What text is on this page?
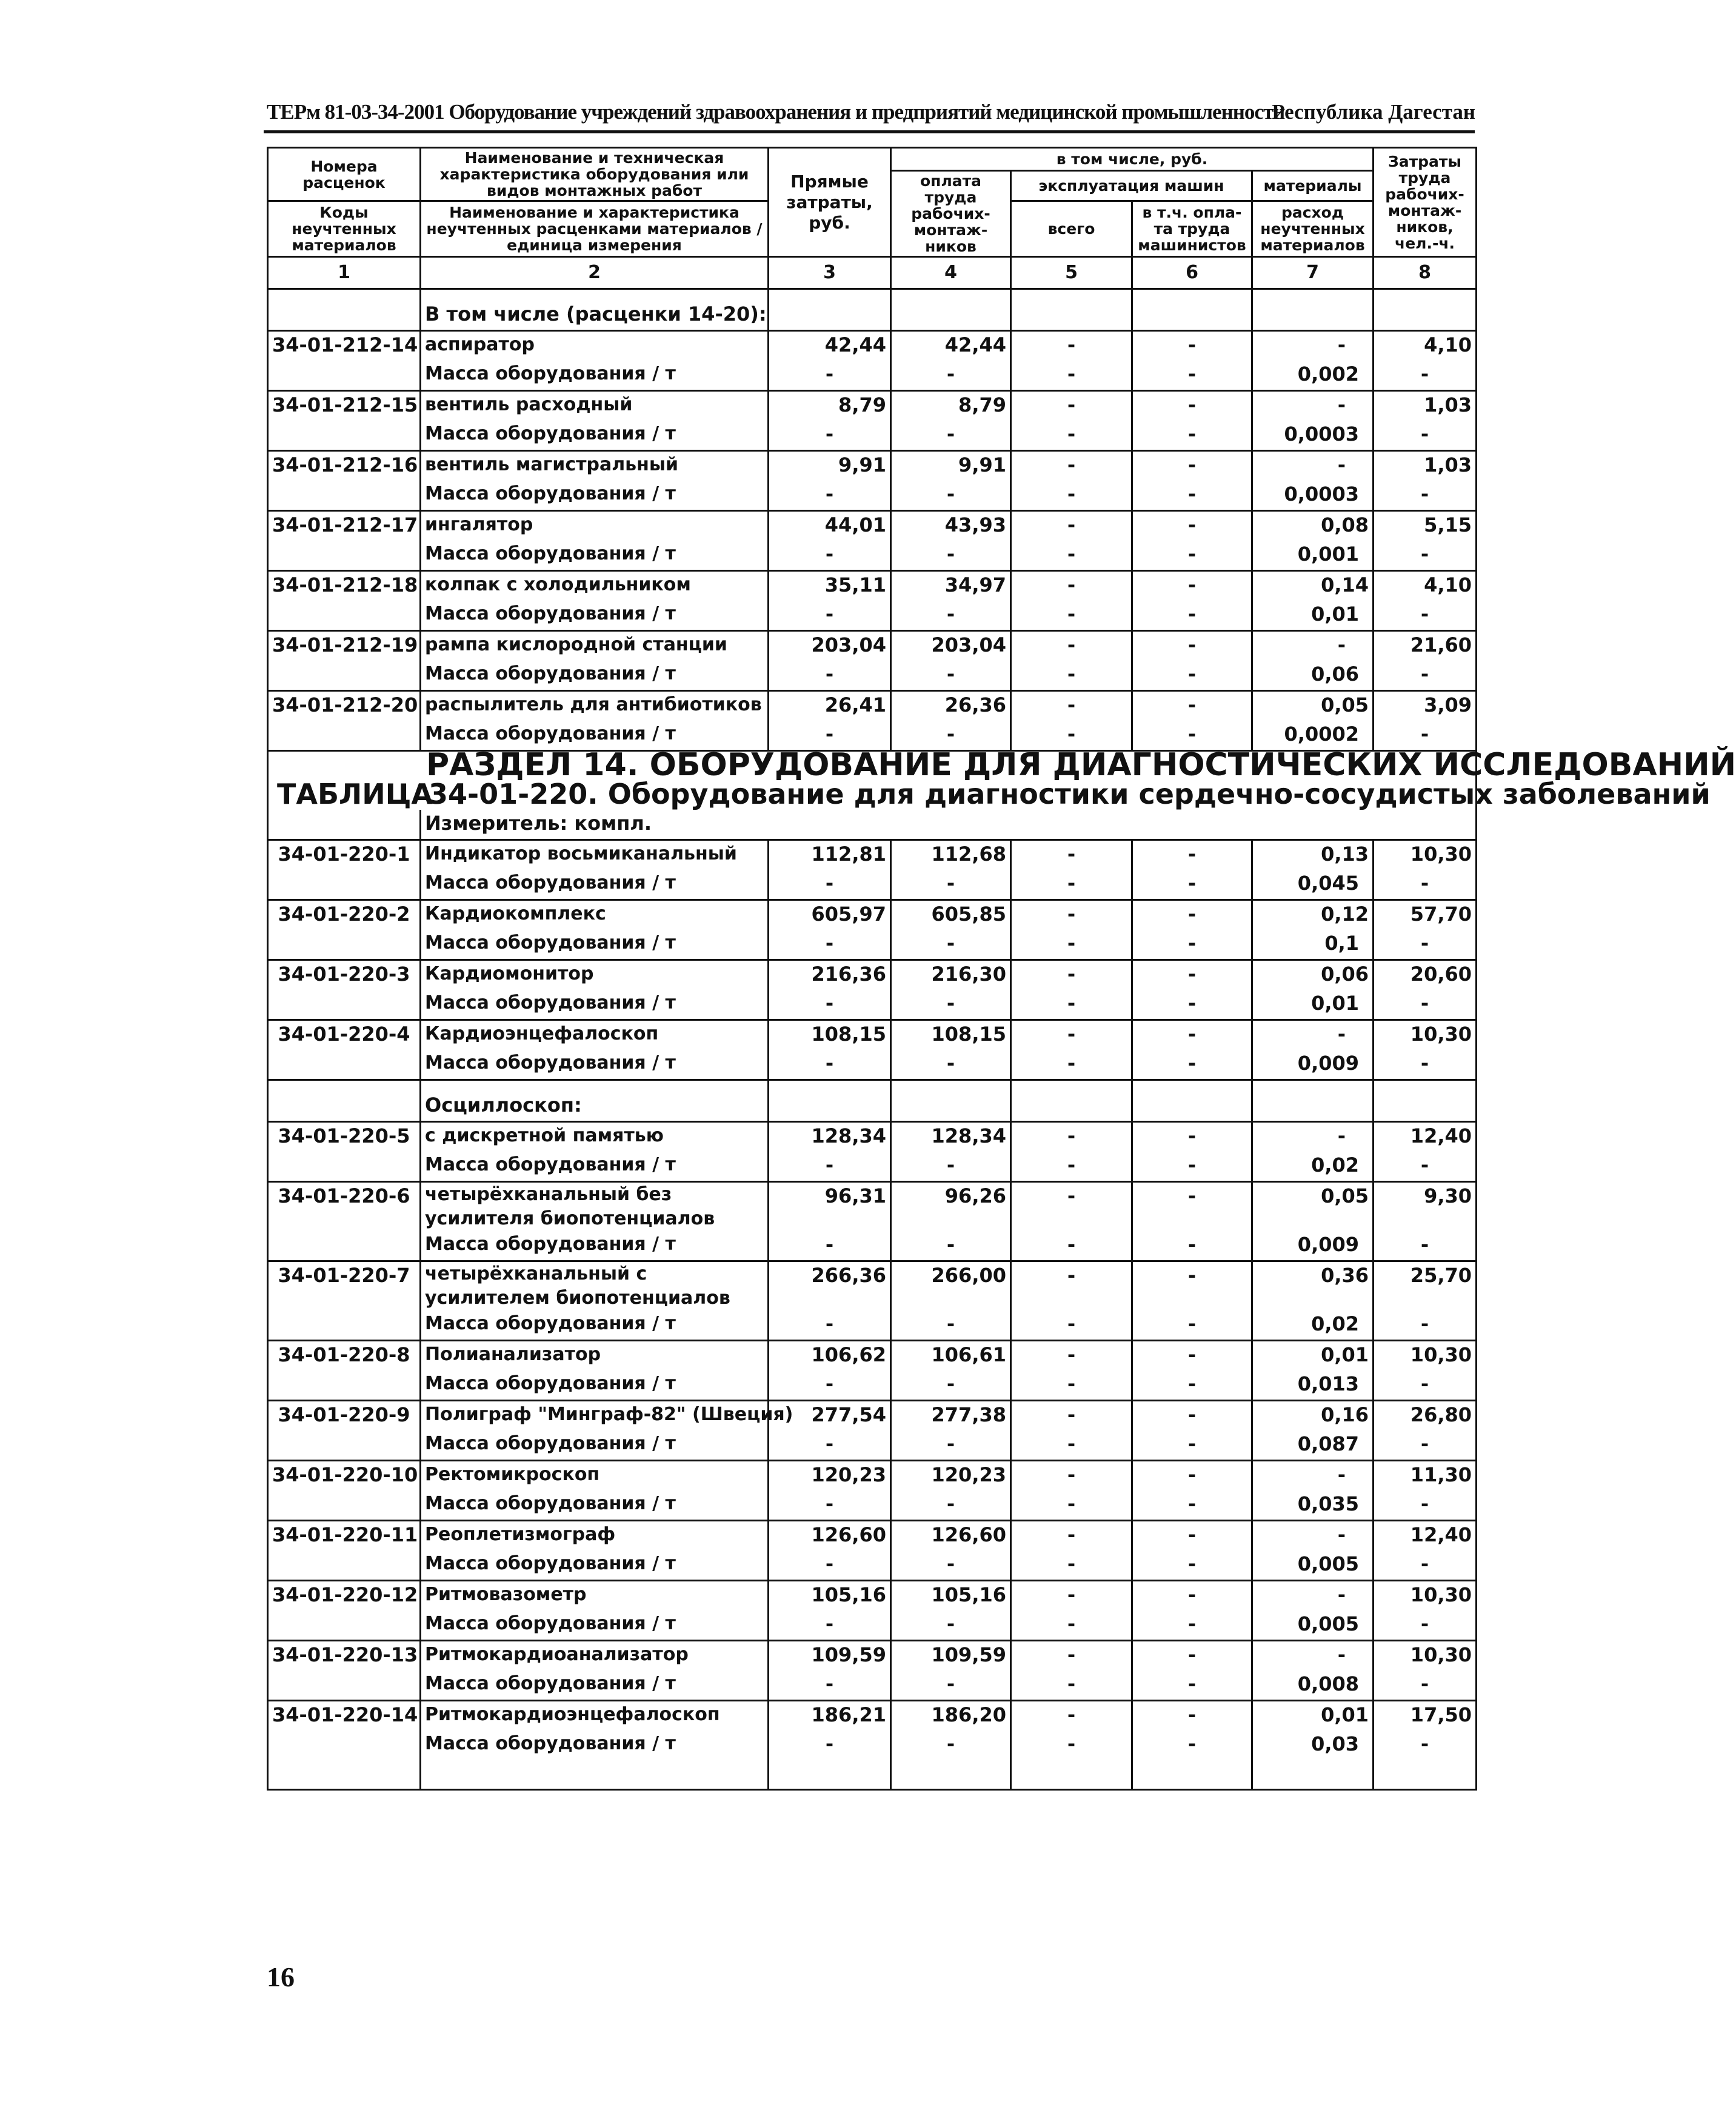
ТЕРм 81-03-34-2001 Оборудование учреждений здравоохранения и предприятий медицинской промышленности
Республика Дагестан
Номера расценок	Наименование и техническая характеристика оборудования или видов монтажных работ	Прямые затраты, руб.	в том числе, руб.				Затраты труда рабочих-монтаж-ников, чел.-ч.
			оплата труда рабочих-монтаж-ников	эксплуатация машин		материалы	
Коды неучтенных материалов	Наименование и характеристика неучтенных расценками материалов / единица измерения			всего	в т.ч. опла-та труда машинистов	расход неучтенных материалов	

1	2	3	4	5	6	7	8

	В том числе (расценки 14-20):						
34-01-212-14	аспиратор	42,44	42,44	-	-	-	4,10
	Масса оборудования / т	-	-	-	-	0,002	-
34-01-212-15	вентиль расходный	8,79	8,79	-	-	-	1,03
	Масса оборудования / т	-	-	-	-	0,0003	-
34-01-212-16	вентиль магистральный	9,91	9,91	-	-	-	1,03
	Масса оборудования / т	-	-	-	-	0,0003	-
34-01-212-17	ингалятор	44,01	43,93	-	-	0,08	5,15
	Масса оборудования / т	-	-	-	-	0,001	-
34-01-212-18	колпак с холодильником	35,11	34,97	-	-	0,14	4,10
	Масса оборудования / т	-	-	-	-	0,01	-
34-01-212-19	рампа кислородной станции	203,04	203,04	-	-	-	21,60
	Масса оборудования / т	-	-	-	-	0,06	-
34-01-212-20	распылитель для антибиотиков	26,41	26,36	-	-	0,05	3,09
	Масса оборудования / т	-	-	-	-	0,0002	-
РАЗДЕЛ 14. ОБОРУДОВАНИЕ ДЛЯ ДИАГНОСТИЧЕСКИХ ИССЛЕДОВАНИЙ							
ТАБЛИЦА34-01-220. Оборудование для диагностики сердечно-сосудистых заболеваний							
	Измеритель: компл.						
34-01-220-1	Индикатор восьмиканальный	112,81	112,68	-	-	0,13	10,30
	Масса оборудования / т	-	-	-	-	0,045	-
34-01-220-2	Кардиокомплекс	605,97	605,85	-	-	0,12	57,70
	Масса оборудования / т	-	-	-	-	0,1	-
34-01-220-3	Кардиомонитор	216,36	216,30	-	-	0,06	20,60
	Масса оборудования / т	-	-	-	-	0,01	-
34-01-220-4	Кардиоэнцефалоскоп	108,15	108,15	-	-	-	10,30
	Масса оборудования / т	-	-	-	-	0,009	-

	Осциллоскоп:						
34-01-220-5	с дискретной памятью	128,34	128,34	-	-	-	12,40
	Масса оборудования / т	-	-	-	-	0,02	-
34-01-220-6	четырёхканальный без усилителя биопотенциалов	96,31	96,26	-	-	0,05	9,30
	Масса оборудования / т	-	-	-	-	0,009	-
34-01-220-7	четырёхканальный с усилителем биопотенциалов	266,36	266,00	-	-	0,36	25,70
	Масса оборудования / т	-	-	-	-	0,02	-
34-01-220-8	Полианализатор	106,62	106,61	-	-	0,01	10,30
	Масса оборудования / т	-	-	-	-	0,013	-
34-01-220-9	Полиграф "Минграф-82" (Швеция)	277,54	277,38	-	-	0,16	26,80
	Масса оборудования / т	-	-	-	-	0,087	-
34-01-220-10	Ректомикроскоп	120,23	120,23	-	-	-	11,30
	Масса оборудования / т	-	-	-	-	0,035	-
34-01-220-11	Реоплетизмограф	126,60	126,60	-	-	-	12,40
	Масса оборудования / т	-	-	-	-	0,005	-
34-01-220-12	Ритмовазометр	105,16	105,16	-	-	-	10,30
	Масса оборудования / т	-	-	-	-	0,005	-
34-01-220-13	Ритмокардиоанализатор	109,59	109,59	-	-	-	10,30
	Масса оборудования / т	-	-	-	-	0,008	-
34-01-220-14	Ритмокардиоэнцефалоскоп	186,21	186,20	-	-	0,01	17,50
	Масса оборудования / т	-	-	-	-	0,03	-

16
